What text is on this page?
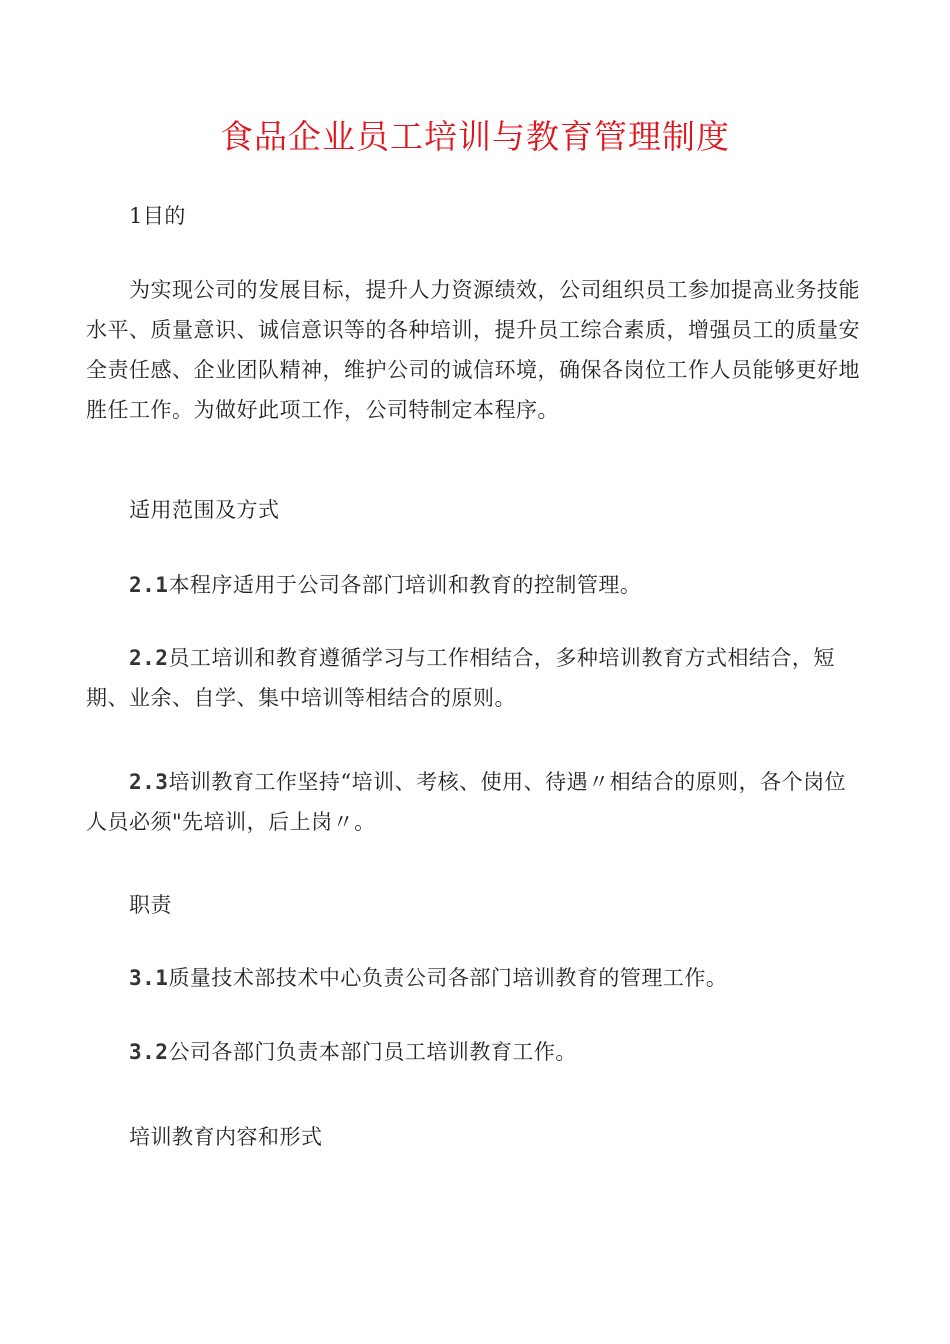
食品企业员工培训与教育管理制度
1目的
为实现公司的发展目标，提升人力资源绩效，公司组织员工参加提高业务技能水平、质量意识、诚信意识等的各种培训，提升员工综合素质，增强员工的质量安全责任感、企业团队精神，维护公司的诚信环境，确保各岗位工作人员能够更好地胜任工作。为做好此项工作，公司特制定本程序。
适用范围及方式
2.1本程序适用于公司各部门培训和教育的控制管理。
2.2员工培训和教育遵循学习与工作相结合，多种培训教育方式相结合，短期、业余、自学、集中培训等相结合的原则。
2.3培训教育工作坚持“培训、考核、使用、待遇〃相结合的原则，各个岗位人员必须"先培训，后上岗〃。
职责
3.1质量技术部技术中心负责公司各部门培训教育的管理工作。
3.2公司各部门负责本部门员工培训教育工作。
培训教育内容和形式
